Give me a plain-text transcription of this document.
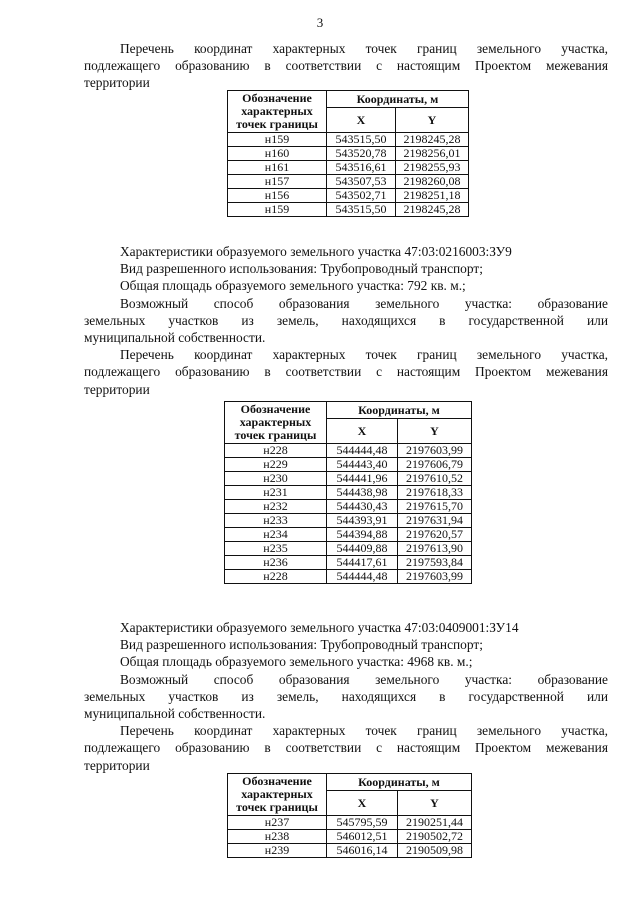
3
Перечень координат характерных точек границ земельного участка,
подлежащего образованию в соответствии с настоящим Проектом межевания
территории
Обозначение характерных точек границы	Координаты, м	
	X	Y
н159	543515,50	2198245,28
н160	543520,78	2198256,01
н161	543516,61	2198255,93
н157	543507,53	2198260,08
н156	543502,71	2198251,18
н159	543515,50	2198245,28
Характеристики образуемого земельного участка 47:03:0216003:ЗУ9
Вид разрешенного использования: Трубопроводный транспорт;
Общая площадь образуемого земельного участка: 792 кв. м.;
Возможный способ образования земельного участка: образование
земельных участков из земель, находящихся в государственной или
муниципальной собственности.
Перечень координат характерных точек границ земельного участка,
подлежащего образованию в соответствии с настоящим Проектом межевания
территории
Обозначение характерных точек границы	Координаты, м	
	X	Y
н228	544444,48	2197603,99
н229	544443,40	2197606,79
н230	544441,96	2197610,52
н231	544438,98	2197618,33
н232	544430,43	2197615,70
н233	544393,91	2197631,94
н234	544394,88	2197620,57
н235	544409,88	2197613,90
н236	544417,61	2197593,84
н228	544444,48	2197603,99
Характеристики образуемого земельного участка 47:03:0409001:ЗУ14
Вид разрешенного использования: Трубопроводный транспорт;
Общая площадь образуемого земельного участка: 4968 кв. м.;
Возможный способ образования земельного участка: образование
земельных участков из земель, находящихся в государственной или
муниципальной собственности.
Перечень координат характерных точек границ земельного участка,
подлежащего образованию в соответствии с настоящим Проектом межевания
территории
Обозначение характерных точек границы	Координаты, м	
	X	Y
н237	545795,59	2190251,44
н238	546012,51	2190502,72
н239	546016,14	2190509,98
